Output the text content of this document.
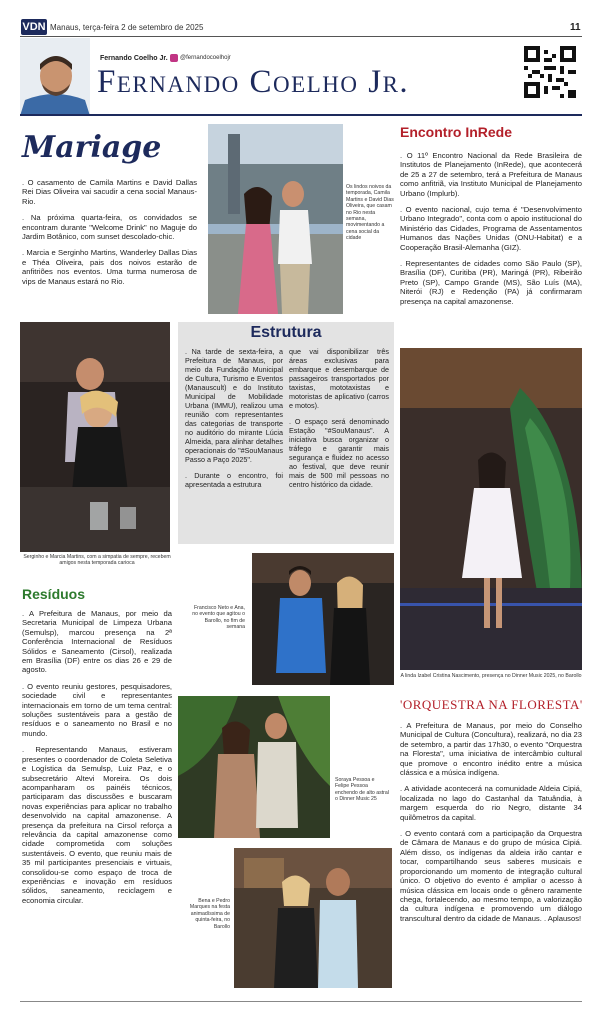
VDN Manaus, terça-feira 2 de setembro de 2025	11
Fernando Coelho Jr. @fernandocoelhojr
Fernando Coelho Jr.
Mariage

. O casamento de Camila Martins e David Dallas Rei Dias Oliveira vai sacudir a cena social Manaus-Rio.

. Na próxima quarta-feira, os convidados se encontram durante "Welcome Drink" no Maguje do Jardim Botânico, com sunset descolado-chic.

. Marcia e Serginho Martins, Wanderley Dallas Dias e Théa Oliveira, pais dos noivos estarão de anfitriões nos eventos. Uma turma numerosa de vips de Manaus estará no Rio.

Os lindos noivos da temporada, Camila Martins e David Dias Oliveira, que casam no Rio nesta semana, movimentando a cena social da cidade
Encontro InRede

. O 11º Encontro Nacional da Rede Brasileira de Institutos de Planejamento (InRede), que acontecerá de 25 a 27 de setembro, terá a Prefeitura de Manaus como anfitriã, via Instituto Municipal de Planejamento Urbano (Implurb).

. O evento nacional, cujo tema é "Desenvolvimento Urbano Integrado", conta com o apoio institucional do Ministério das Cidades, Programa de Assentamentos Humanos das Nações Unidas (ONU-Habitat) e a Cooperação Brasil-Alemanha (GIZ).

. Representantes de cidades como São Paulo (SP), Brasília (DF), Curitiba (PR), Maringá (PR), Ribeirão Preto (SP), Campo Grande (MS), São Luís (MA), Niterói (RJ) e Redenção (PA) já confirmaram presença na capital amazonense.

Serginho e Marcia Martins, com a simpatia de sempre, recebem amigos nesta temporada carioca
Estrutura

. Na tarde de sexta-feira, a Prefeitura de Manaus, por meio da Fundação Municipal de Cultura, Turismo e Eventos (Manauscult) e do Instituto Municipal de Mobilidade Urbana (IMMU), realizou uma reunião com representantes das categorias de transporte no auditório do mirante Lúcia Almeida, para alinhar detalhes operacionais do "#SouManaus Passo a Paço 2025".

. Durante o encontro, foi apresentada a estrutura

que vai disponibilizar três áreas exclusivas para embarque e desembarque de passageiros transportados por taxistas, mototaxistas e motoristas de aplicativo (carros e motos).

. O espaço será denominado Estação "#SouManaus". A iniciativa busca organizar o tráfego e garantir mais segurança e fluidez no acesso ao festival, que deve reunir mais de 500 mil pessoas no centro histórico da cidade.

A linda Izabel Cristina Nascimento, presença no Dinner Music 2025, no Barollo
Resíduos

. A Prefeitura de Manaus, por meio da Secretaria Municipal de Limpeza Urbana (Semulsp), marcou presença na 2ª Conferência Internacional de Resíduos Sólidos e Saneamento (Cirsol), realizada em Brasília (DF) entre os dias 26 e 29 de agosto.

. O evento reuniu gestores, pesquisadores, sociedade civil e representantes internacionais em torno de um tema central: soluções sustentáveis para a gestão de resíduos e o saneamento no Brasil e no mundo.

. Representando Manaus, estiveram presentes o coordenador de Coleta Seletiva e Logística da Semulsp, Luiz Paz, e o subsecretário Altevi Moreira. Os dois acompanharam os painéis técnicos, participaram das discussões e buscaram novas experiências para aplicar no trabalho desenvolvido na capital amazonense. A presença da prefeitura na Cirsol reforça a relevância da capital amazonense como cidade comprometida com soluções sustentáveis. O evento, que reuniu mais de 35 mil participantes presenciais e virtuais, consolidou-se como espaço de troca de experiências e inovação em resíduos sólidos, saneamento, reciclagem e economia circular.

Francisco Neto e Ana, no evento que agitou o Barollo, no fim de semana
Soraya Pessoa e Felipe Pessoa enchendo de alto astral o Dinner Music 25
Bena e Pedro Marques na festa animadíssima de quinta-feira, no Barollo
'ORQUESTRA NA FLORESTA'

. A Prefeitura de Manaus, por meio do Conselho Municipal de Cultura (Concultura), realizará, no dia 23 de setembro, a partir das 17h30, o evento "Orquestra na Floresta", uma iniciativa de intercâmbio cultural que promove o encontro inédito entre a música clássica e a música indígena.

. A atividade acontecerá na comunidade Aldeia Cipiá, localizada no lago do Castanhal da Tatuândia, à margem esquerda do rio Negro, distante 34 quilômetros da capital.

. O evento contará com a participação da Orquestra de Câmara de Manaus e do grupo de música Cipiá. Além disso, os indígenas da aldeia irão cantar e tocar, compartilhando seus saberes musicais e proporcionando um momento de integração cultural único. O objetivo do evento é ampliar o acesso à música clássica em locais onde o gênero raramente chega, fortalecendo, ao mesmo tempo, a valorização da cultura indígena e promovendo um diálogo transcultural dentro da cidade de Manaus. . Aplausos!
